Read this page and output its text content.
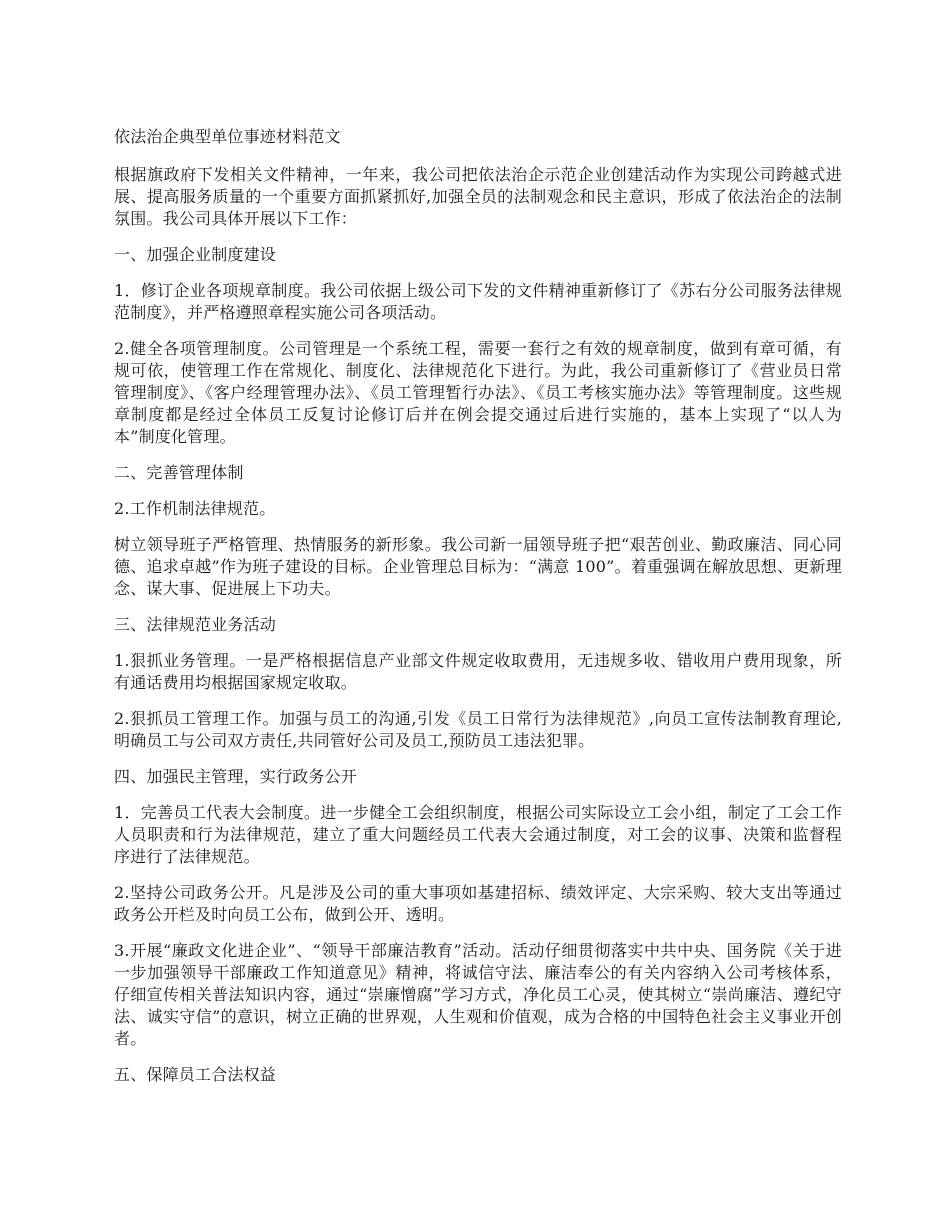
依法治企典型单位事迹材料范文

根据旗政府下发相关文件精神，一年来，我公司把依法治企示范企业创建活动作为实现公司跨越式进展、提高服务质量的一个重要方面抓紧抓好,加强全员的法制观念和民主意识，形成了依法治企的法制氛围。我公司具体开展以下工作：

一、加强企业制度建设

1．修订企业各项规章制度。我公司依据上级公司下发的文件精神重新修订了《苏右分公司服务法律规范制度》，并严格遵照章程实施公司各项活动。

2.健全各项管理制度。公司管理是一个系统工程，需要一套行之有效的规章制度，做到有章可循，有规可依，使管理工作在常规化、制度化、法律规范化下进行。为此，我公司重新修订了《营业员日常管理制度》、《客户经理管理办法》、《员工管理暂行办法》、《员工考核实施办法》等管理制度。这些规章制度都是经过全体员工反复讨论修订后并在例会提交通过后进行实施的，基本上实现了“以人为本”制度化管理。

二、完善管理体制

2.工作机制法律规范。

树立领导班子严格管理、热情服务的新形象。我公司新一届领导班子把“艰苦创业、勤政廉洁、同心同德、追求卓越”作为班子建设的目标。企业管理总目标为：“满意 100”。着重强调在解放思想、更新理念、谋大事、促进展上下功夫。

三、法律规范业务活动

1.狠抓业务管理。一是严格根据信息产业部文件规定收取费用，无违规多收、错收用户费用现象，所有通话费用均根据国家规定收取。

2.狠抓员工管理工作。加强与员工的沟通,引发《员工日常行为法律规范》,向员工宣传法制教育理论,明确员工与公司双方责任,共同管好公司及员工,预防员工违法犯罪。

四、加强民主管理，实行政务公开

1．完善员工代表大会制度。进一步健全工会组织制度，根据公司实际设立工会小组，制定了工会工作人员职责和行为法律规范，建立了重大问题经员工代表大会通过制度，对工会的议事、决策和监督程序进行了法律规范。

2.坚持公司政务公开。凡是涉及公司的重大事项如基建招标、绩效评定、大宗采购、较大支出等通过政务公开栏及时向员工公布，做到公开、透明。

3.开展“廉政文化进企业”、“领导干部廉洁教育”活动。活动仔细贯彻落实中共中央、国务院《关于进一步加强领导干部廉政工作知道意见》精神，将诚信守法、廉洁奉公的有关内容纳入公司考核体系，仔细宣传相关普法知识内容，通过“崇廉憎腐”学习方式，净化员工心灵，使其树立“崇尚廉洁、遵纪守法、诚实守信”的意识，树立正确的世界观，人生观和价值观，成为合格的中国特色社会主义事业开创者。

五、保障员工合法权益
